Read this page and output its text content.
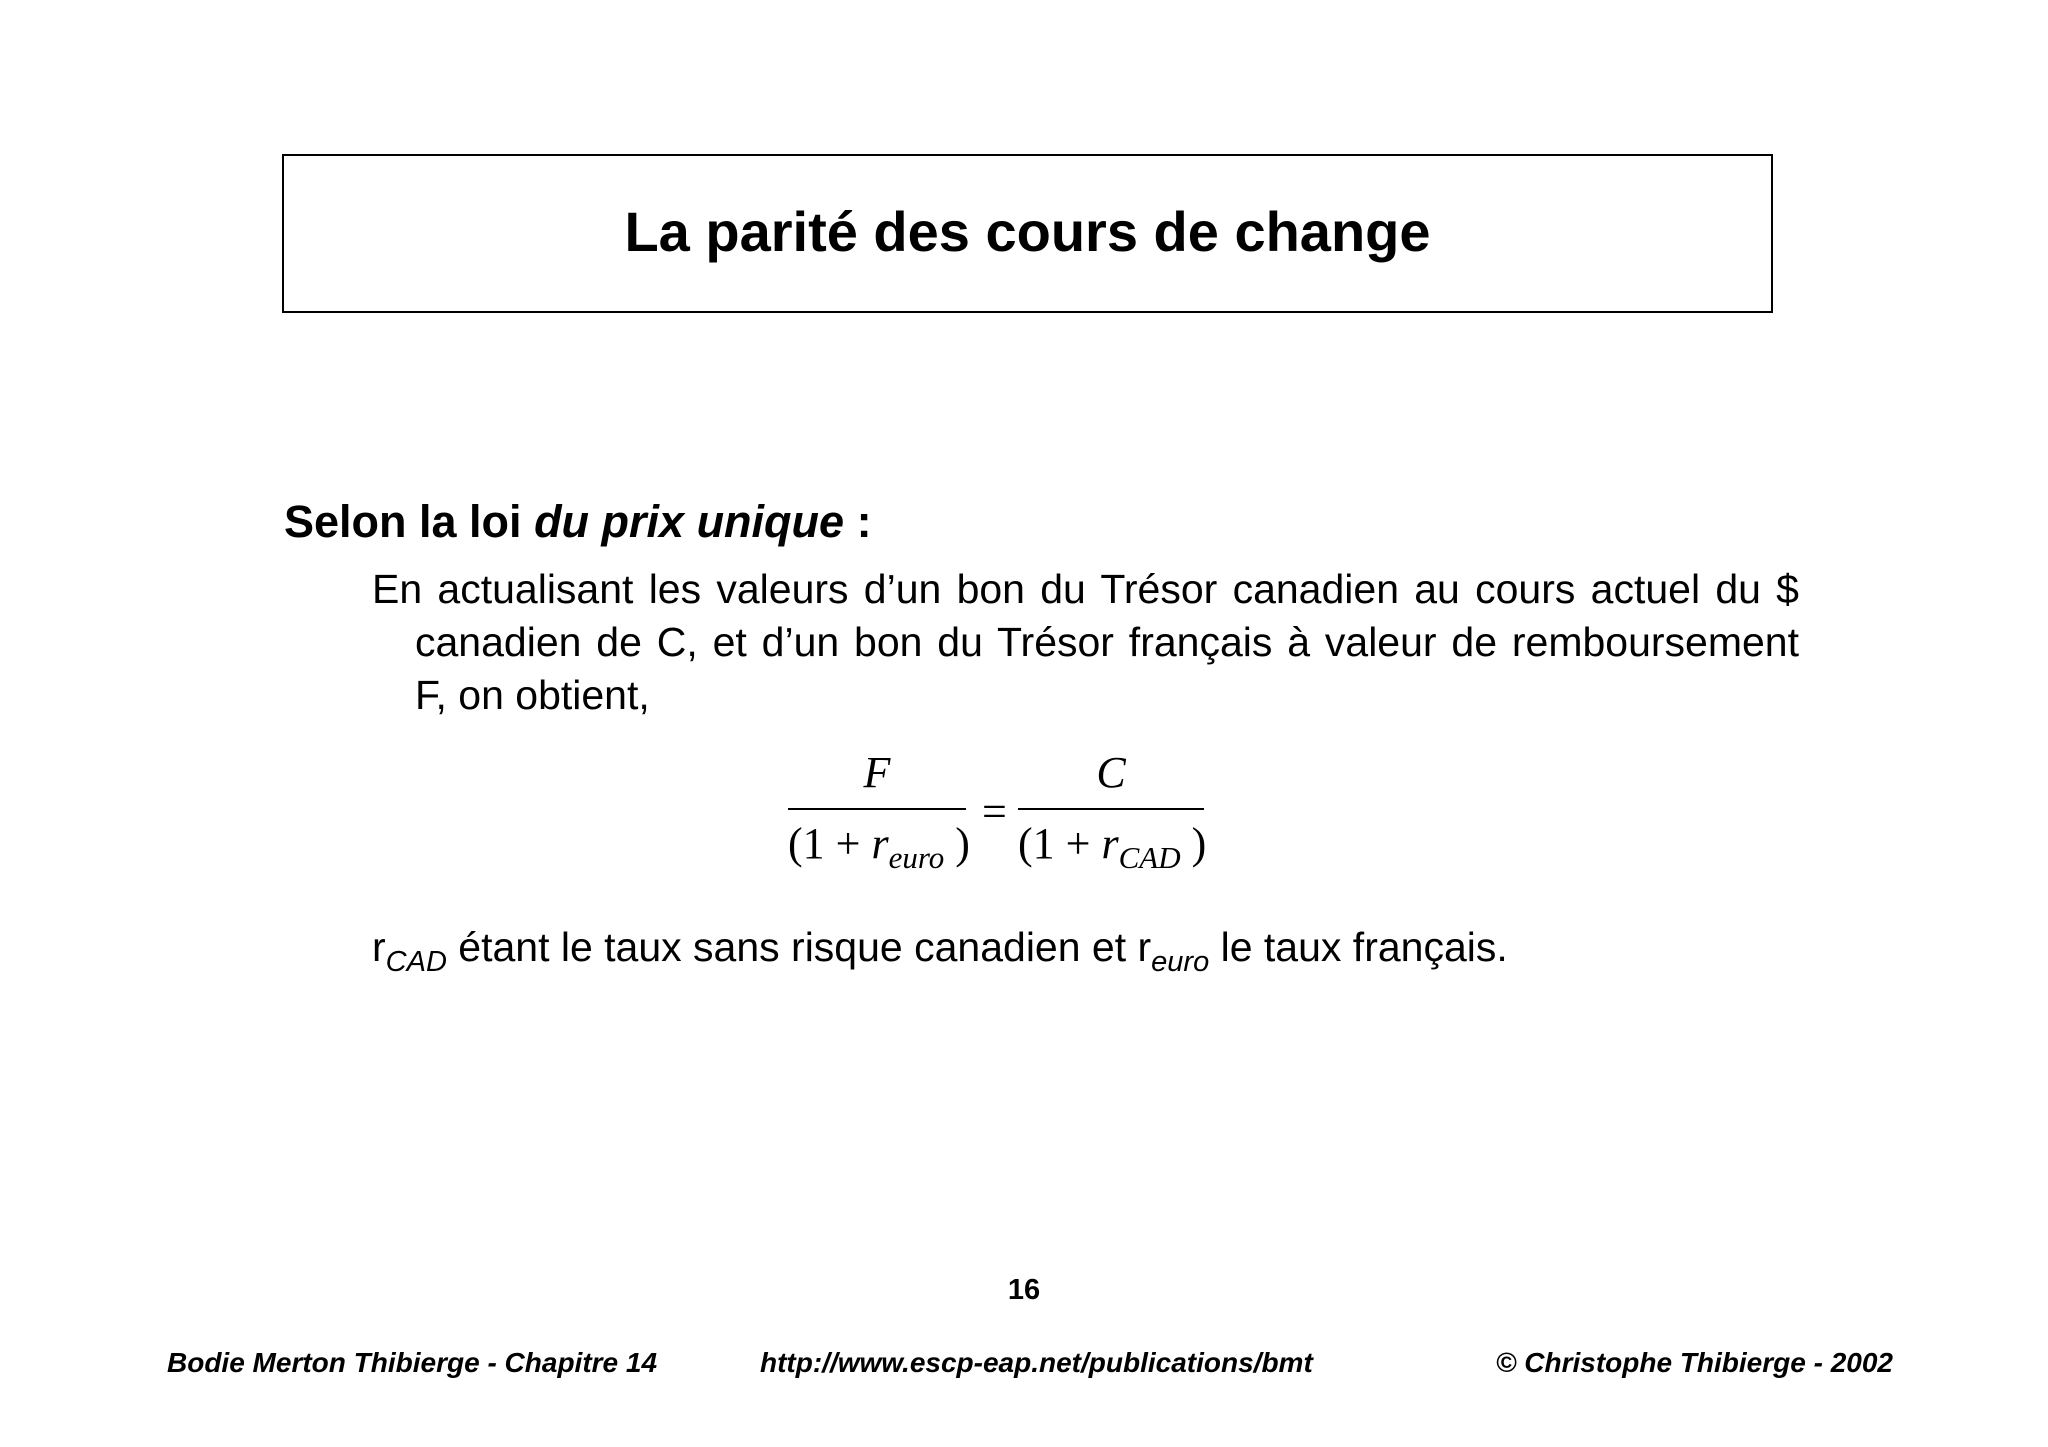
La parité des cours de change
Selon la loi du prix unique :
En actualisant les valeurs d’un bon du Trésor canadien au cours actuel du $ canadien de C, et d’un bon du Trésor français à valeur de remboursement F, on obtient,
F
($1 + r_{euro}$ )
=
C
($1 + r_{CAD}$ )
$r_{CAD}$ étant le taux sans risque canadien et $r_{euro}$ le taux français.
16
Bodie Merton Thibierge - Chapitre 14	http://www.escp-eap.net/publications/bmt	© Christophe Thibierge - 2002
